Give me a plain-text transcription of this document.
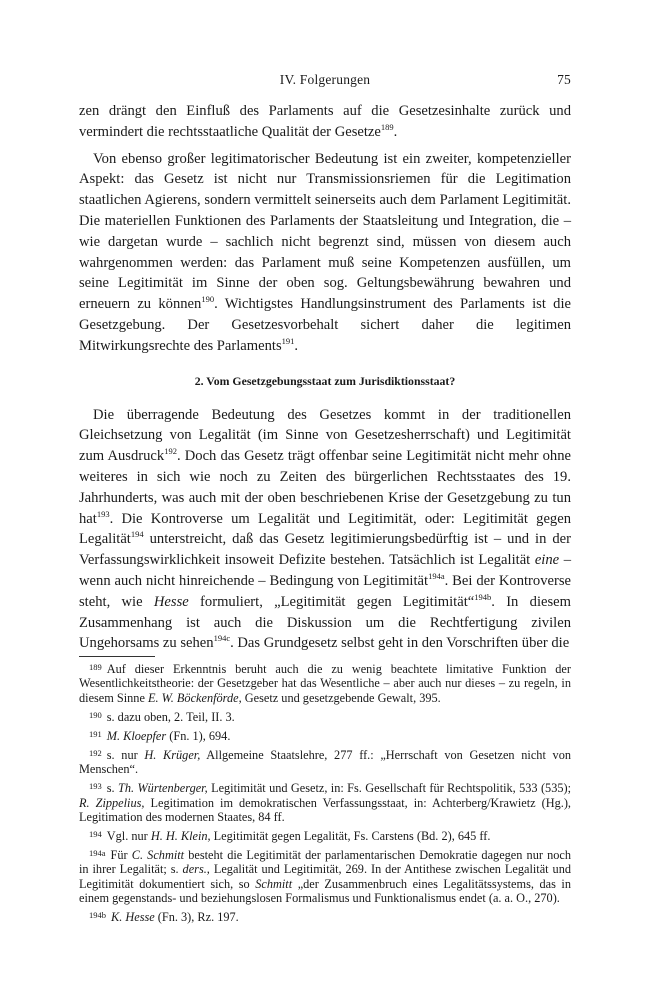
IV. Folgerungen	75

zen drängt den Einfluß des Parlaments auf die Gesetzesinhalte zurück und vermindert die rechtsstaatliche Qualität der Gesetze$^{189}$.

Von ebenso großer legitimatorischer Bedeutung ist ein zweiter, kompetenzieller Aspekt: das Gesetz ist nicht nur Transmissionsriemen für die Legitimation staatlichen Agierens, sondern vermittelt seinerseits auch dem Parlament Legitimität. Die materiellen Funktionen des Parlaments der Staatsleitung und Integration, die – wie dargetan wurde – sachlich nicht begrenzt sind, müssen von diesem auch wahrgenommen werden: das Parlament muß seine Kompetenzen ausfüllen, um seine Legitimität im Sinne der oben sog. Geltungsbewährung bewahren und erneuern zu können$^{190}$. Wichtigstes Handlungsinstrument des Parlaments ist die Gesetzgebung. Der Gesetzesvorbehalt sichert daher die legitimen Mitwirkungsrechte des Parlaments$^{191}$.

2. Vom Gesetzgebungsstaat zum Jurisdiktionsstaat?

Die überragende Bedeutung des Gesetzes kommt in der traditionellen Gleichsetzung von Legalität (im Sinne von Gesetzesherrschaft) und Legitimität zum Ausdruck$^{192}$. Doch das Gesetz trägt offenbar seine Legitimität nicht mehr ohne weiteres in sich wie noch zu Zeiten des bürgerlichen Rechtsstaates des 19. Jahrhunderts, was auch mit der oben beschriebenen Krise der Gesetzgebung zu tun hat$^{193}$. Die Kontroverse um Legalität und Legitimität, oder: Legitimität gegen Legalität$^{194}$ unterstreicht, daß das Gesetz legitimierungsbedürftig ist – und in der Verfassungswirklichkeit insoweit Defizite bestehen. Tatsächlich ist Legalität eine – wenn auch nicht hinreichende – Bedingung von Legitimität$^{194a}$. Bei der Kontroverse steht, wie Hesse formuliert, „Legitimität gegen Legitimität“$^{194b}$. In diesem Zusammenhang ist auch die Diskussion um die Rechtfertigung zivilen Ungehorsams zu sehen$^{194c}$. Das Grundgesetz selbst geht in den Vorschriften über die

$^{189}$ Auf dieser Erkenntnis beruht auch die zu wenig beachtete limitative Funktion der Wesentlichkeitstheorie: der Gesetzgeber hat das Wesentliche – aber auch nur dieses – zu regeln, in diesem Sinne E. W. Böckenförde, Gesetz und gesetzgebende Gewalt, 395.

$^{190}$ s. dazu oben, 2. Teil, II. 3.

$^{191}$ M. Kloepfer (Fn. 1), 694.

$^{192}$ s. nur H. Krüger, Allgemeine Staatslehre, 277 ff.: „Herrschaft von Gesetzen nicht von Menschen“.

$^{193}$ s. Th. Würtenberger, Legitimität und Gesetz, in: Fs. Gesellschaft für Rechtspolitik, 533 (535); R. Zippelius, Legitimation im demokratischen Verfassungsstaat, in: Achterberg/Krawietz (Hg.), Legitimation des modernen Staates, 84 ff.

$^{194}$ Vgl. nur H. H. Klein, Legitimität gegen Legalität, Fs. Carstens (Bd. 2), 645 ff.

$^{194a}$ Für C. Schmitt besteht die Legitimität der parlamentarischen Demokratie dagegen nur noch in ihrer Legalität; s. ders., Legalität und Legitimität, 269. In der Antithese zwischen Legalität und Legitimität dokumentiert sich, so Schmitt „der Zusammenbruch eines Legalitätssystems, das in einem gegenstands- und beziehungslosen Formalismus und Funktionalismus endet (a. a. O., 270).

$^{194b}$ K. Hesse (Fn. 3), Rz. 197.
